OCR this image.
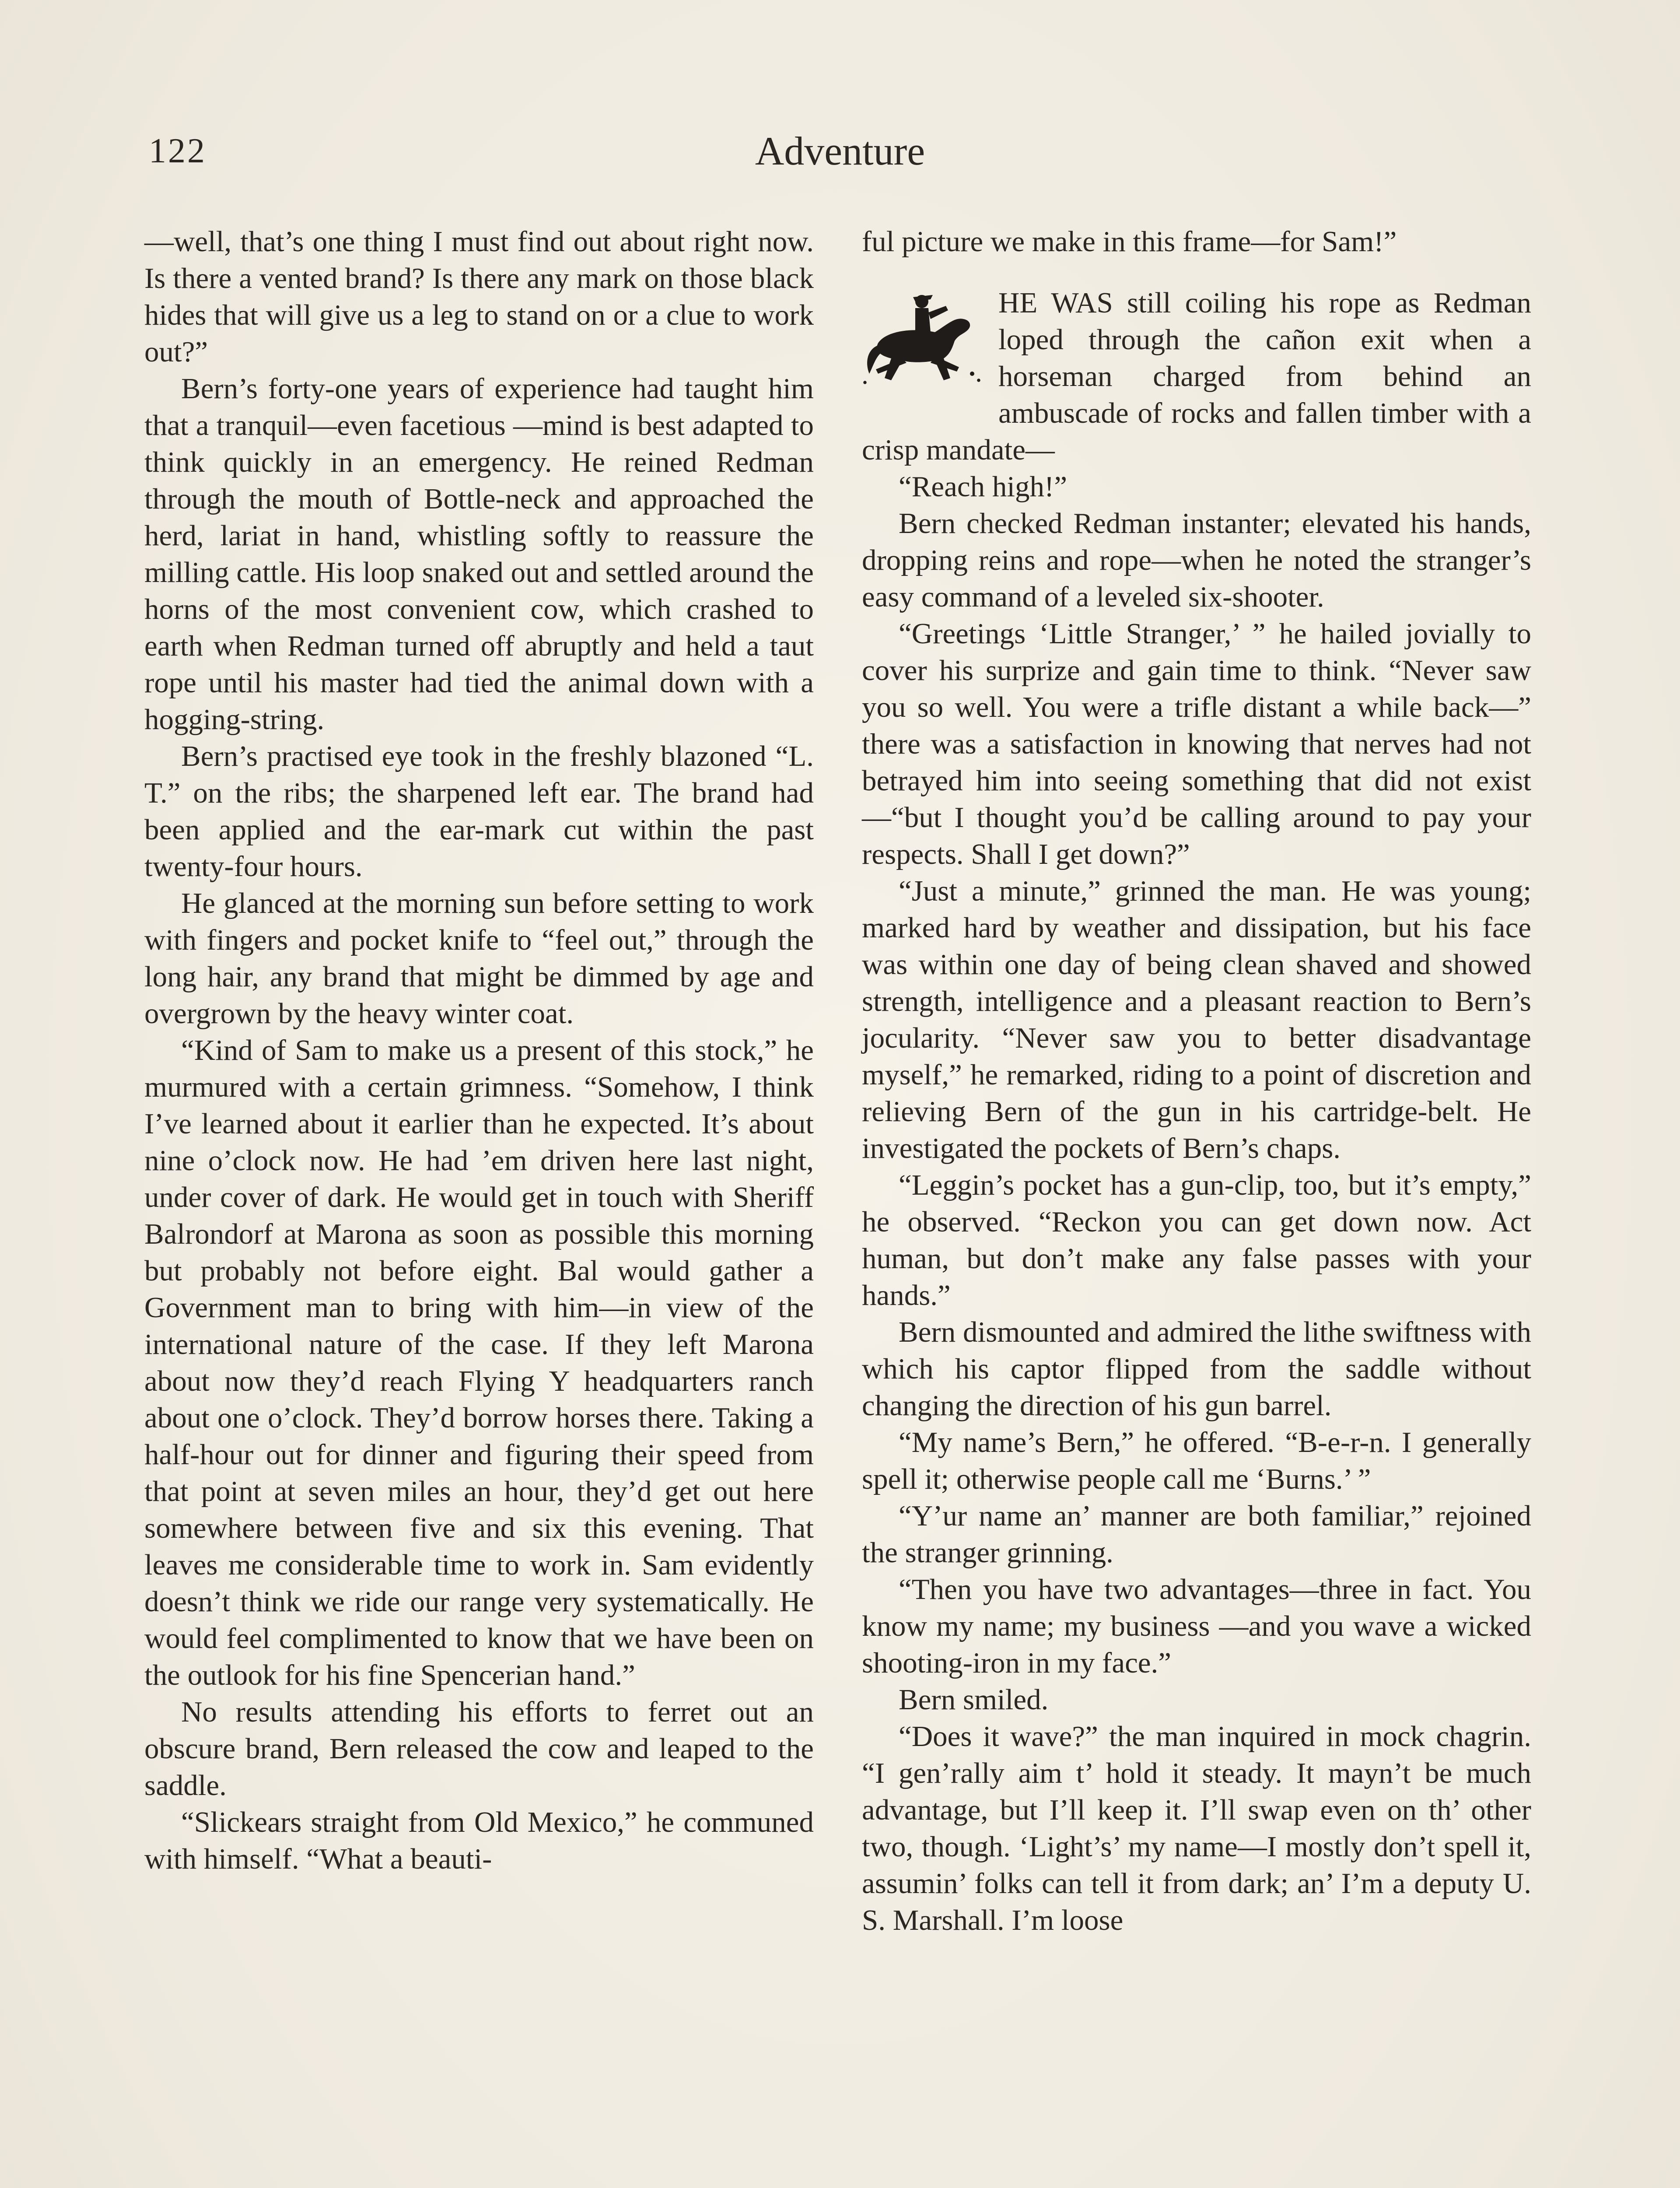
122	Adventure

—well, that’s one thing I must find out about right now. Is there a vented brand? Is there any mark on those black hides that will give us a leg to stand on or a clue to work out?”

Bern’s forty-one years of experience had taught him that a tranquil—even facetious —mind is best adapted to think quickly in an emergency. He reined Redman through the mouth of Bottle-neck and approached the herd, lariat in hand, whistling softly to reassure the milling cattle. His loop snaked out and settled around the horns of the most convenient cow, which crashed to earth when Redman turned off abruptly and held a taut rope until his master had tied the animal down with a hogging-string.

Bern’s practised eye took in the freshly blazoned “L. T.” on the ribs; the sharpened left ear. The brand had been applied and the ear-mark cut within the past twenty-four hours.

He glanced at the morning sun before setting to work with fingers and pocket knife to “feel out,” through the long hair, any brand that might be dimmed by age and overgrown by the heavy winter coat.

“Kind of Sam to make us a present of this stock,” he murmured with a certain grimness. “Somehow, I think I’ve learned about it earlier than he expected. It’s about nine o’clock now. He had ’em driven here last night, under cover of dark. He would get in touch with Sheriff Balrondorf at Marona as soon as possible this morning but probably not before eight. Bal would gather a Government man to bring with him—in view of the international nature of the case. If they left Marona about now they’d reach Flying Y headquarters ranch about one o’clock. They’d borrow horses there. Taking a half-hour out for dinner and figuring their speed from that point at seven miles an hour, they’d get out here somewhere between five and six this evening. That leaves me considerable time to work in. Sam evidently doesn’t think we ride our range very systematically. He would feel complimented to know that we have been on the outlook for his fine Spencerian hand.”

No results attending his efforts to ferret out an obscure brand, Bern released the cow and leaped to the saddle.

“Slickears straight from Old Mexico,” he communed with himself. “What a beauti-

ful picture we make in this frame—for Sam!”

HE WAS still coiling his rope as Redman loped through the cañon exit when a horseman charged from behind an ambuscade of rocks and fallen timber with a crisp mandate—

“Reach high!”

Bern checked Redman instanter; elevated his hands, dropping reins and rope—when he noted the stranger’s easy command of a leveled six-shooter.

“Greetings ‘Little Stranger,’ ” he hailed jovially to cover his surprize and gain time to think. “Never saw you so well. You were a trifle distant a while back—” there was a satisfaction in knowing that nerves had not betrayed him into seeing something that did not exist—“but I thought you’d be calling around to pay your respects. Shall I get down?”

“Just a minute,” grinned the man. He was young; marked hard by weather and dissipation, but his face was within one day of being clean shaved and showed strength, intelligence and a pleasant reaction to Bern’s jocularity. “Never saw you to better disadvantage myself,” he remarked, riding to a point of discretion and relieving Bern of the gun in his cartridge-belt. He investigated the pockets of Bern’s chaps.

“Leggin’s pocket has a gun-clip, too, but it’s empty,” he observed. “Reckon you can get down now. Act human, but don’t make any false passes with your hands.”

Bern dismounted and admired the lithe swiftness with which his captor flipped from the saddle without changing the direction of his gun barrel.

“My name’s Bern,” he offered. “B-e-r-n. I generally spell it; otherwise people call me ‘Burns.’ ”

“Y’ur name an’ manner are both familiar,” rejoined the stranger grinning.

“Then you have two advantages—three in fact. You know my name; my business —and you wave a wicked shooting-iron in my face.”

Bern smiled.

“Does it wave?” the man inquired in mock chagrin. “I gen’rally aim t’ hold it steady. It mayn’t be much advantage, but I’ll keep it. I’ll swap even on th’ other two, though. ‘Light’s’ my name—I mostly don’t spell it, assumin’ folks can tell it from dark; an’ I’m a deputy U. S. Marshall. I’m loose
